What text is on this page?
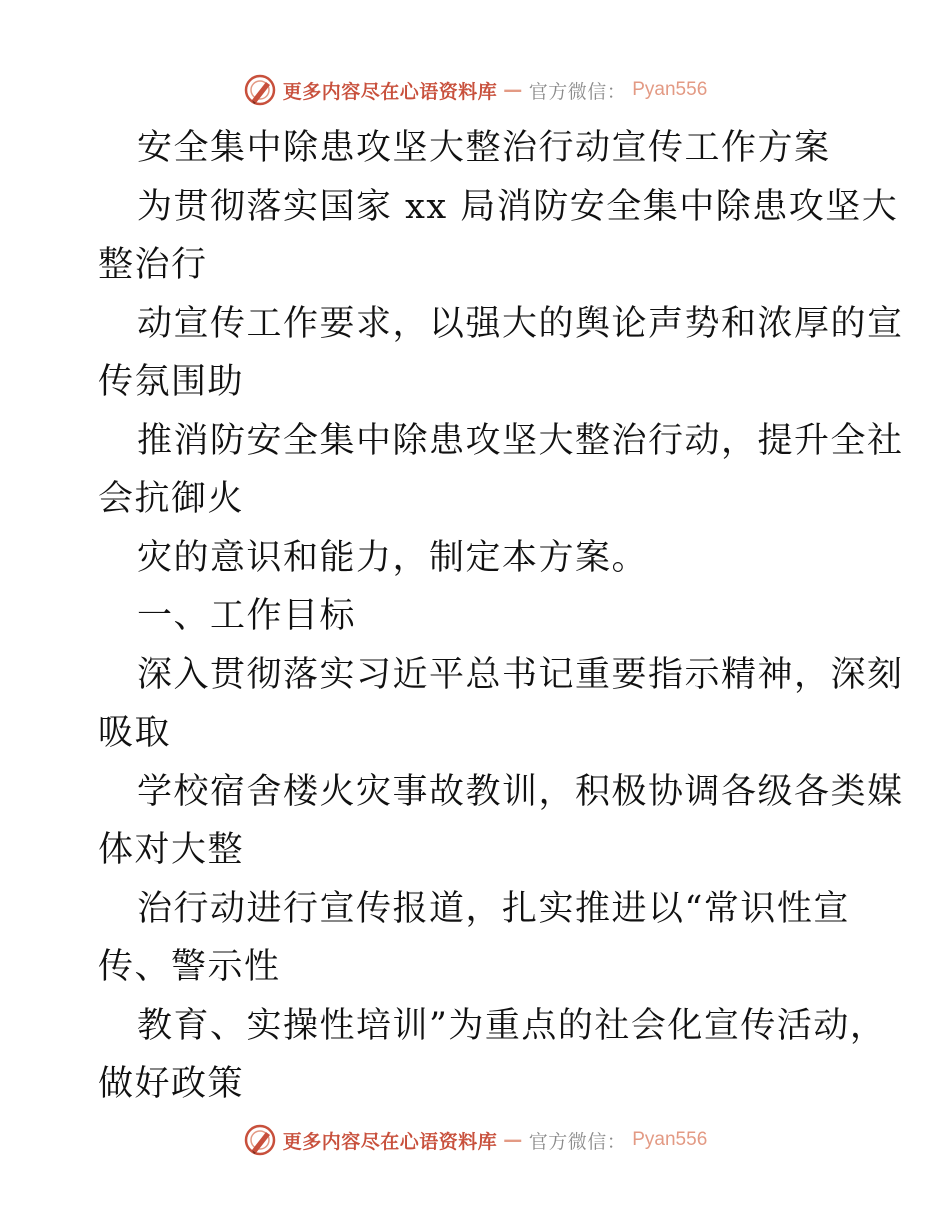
更多内容尽在心语资料库 — 官方微信： Pyan556
安全集中除患攻坚大整治行动宣传工作方案
为贯彻落实国家 xx 局消防安全集中除患攻坚大
整治行
动宣传工作要求，以强大的舆论声势和浓厚的宣
传氛围助
推消防安全集中除患攻坚大整治行动，提升全社
会抗御火
灾的意识和能力，制定本方案。
一、工作目标
深入贯彻落实习近平总书记重要指示精神，深刻
吸取
学校宿舍楼火灾事故教训，积极协调各级各类媒
体对大整
治行动进行宣传报道，扎实推进以“常识性宣
传、警示性
教育、实操性培训”为重点的社会化宣传活动，
做好政策
更多内容尽在心语资料库 — 官方微信： Pyan556
